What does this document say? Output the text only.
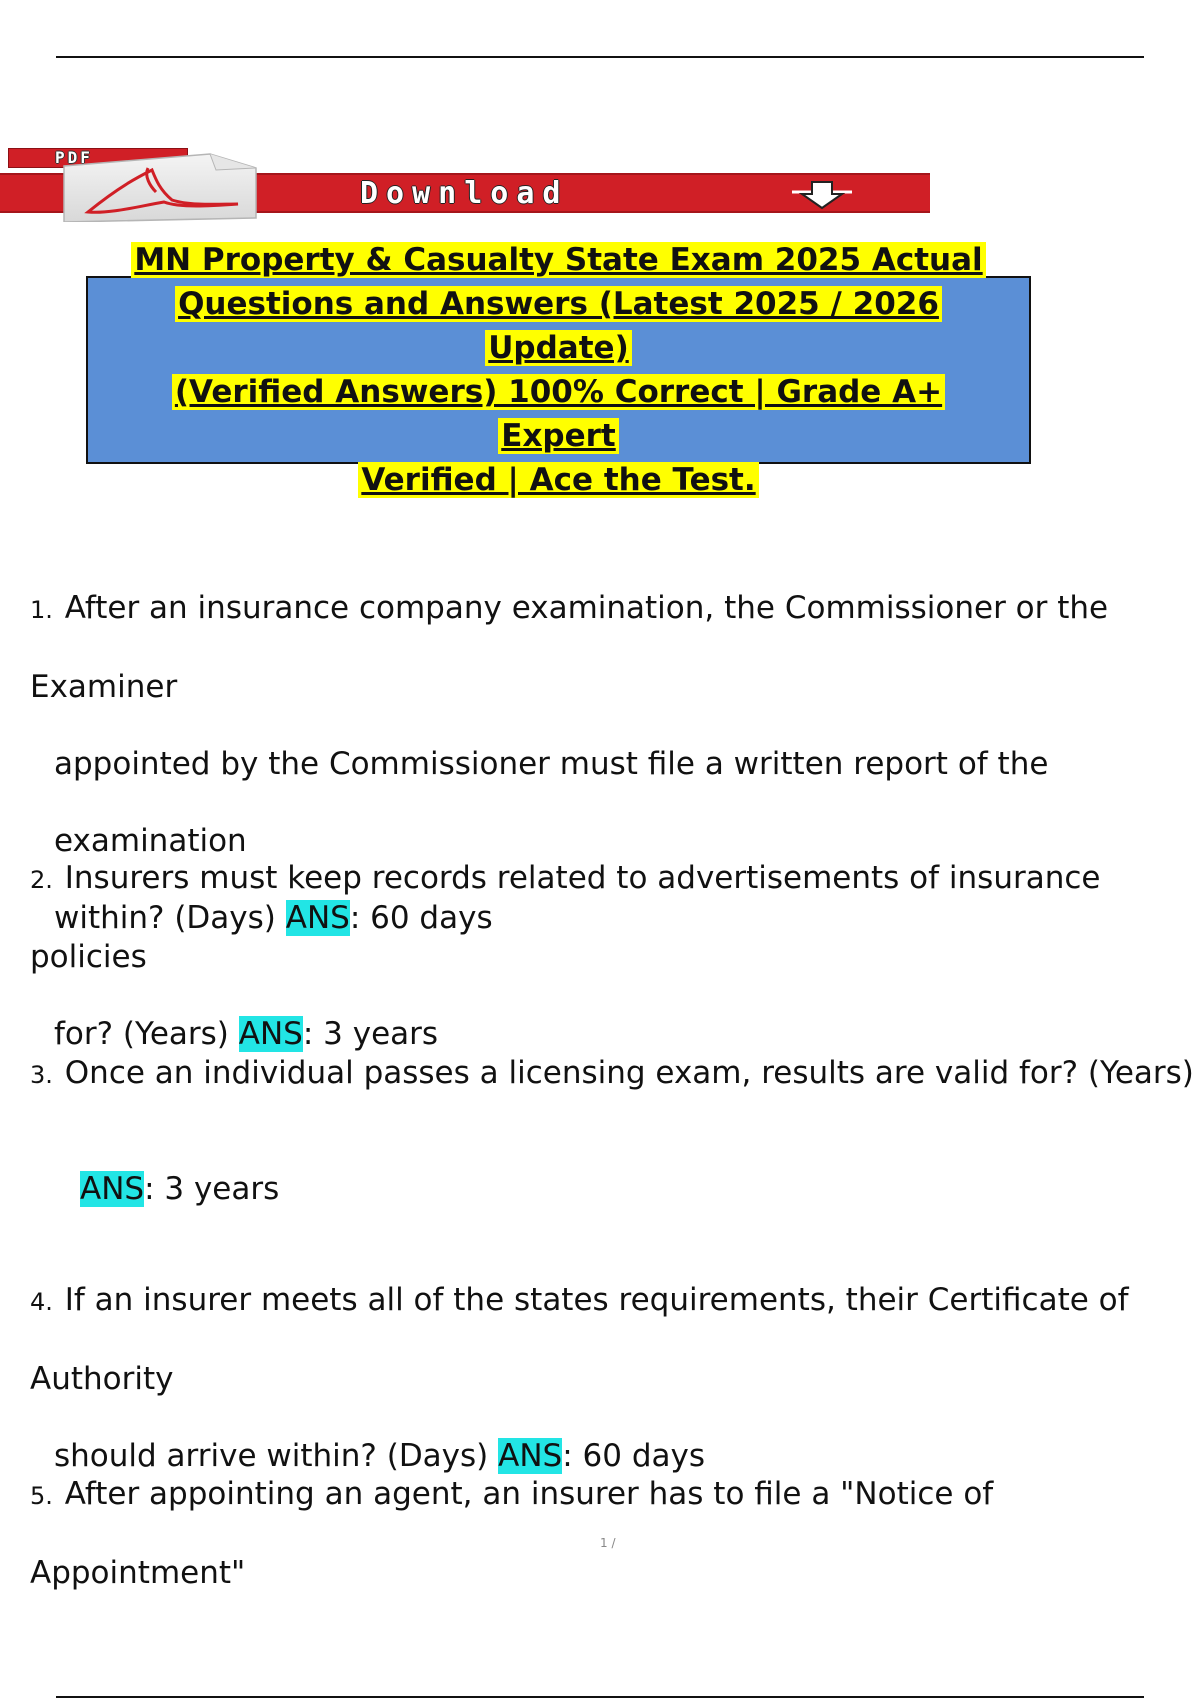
PDF
Download
MN Property & Casualty State Exam 2025 Actual
Questions and Answers (Latest 2025 / 2026 Update)
(Verified Answers) 100% Correct | Grade A+ Expert
Verified | Ace the Test.
1. After an insurance company examination, the Commissioner or the Examiner
appointed by the Commissioner must file a written report of the examination
within? (Days) ANS: 60 days
2. Insurers must keep records related to advertisements of insurance policies
for? (Years) ANS: 3 years
3. Once an individual passes a licensing exam, results are valid for? (Years)
ANS: 3 years
4. If an insurer meets all of the states requirements, their Certificate of Authority
should arrive within? (Days) ANS: 60 days
5. After appointing an agent, an insurer has to file a "Notice of Appointment"
1 /
